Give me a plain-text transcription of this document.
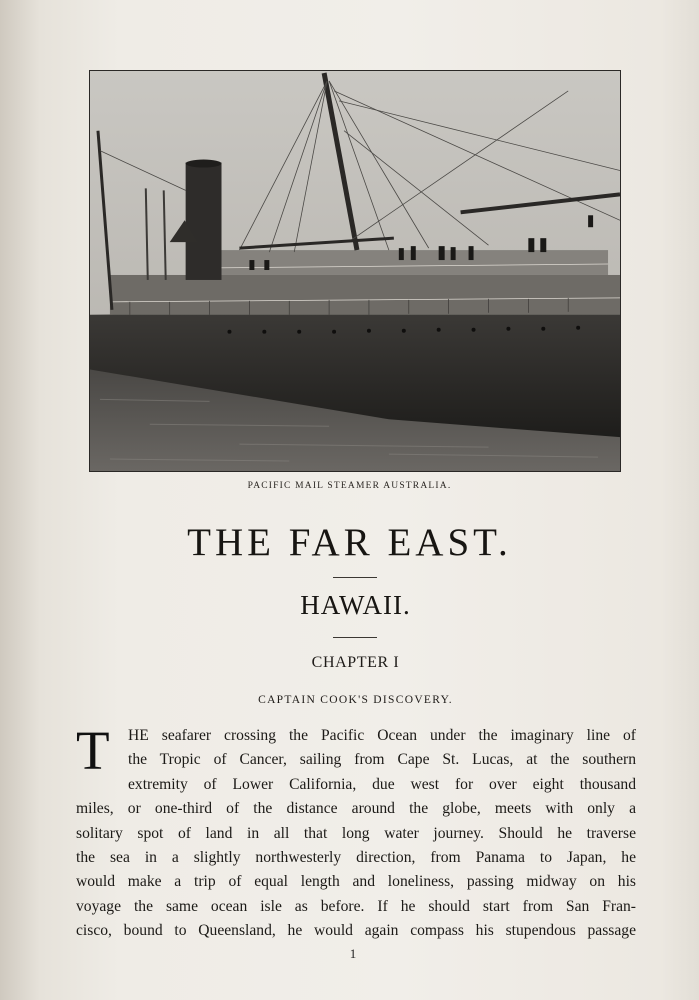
PACIFIC MAIL STEAMER AUSTRALIA.
THE FAR EAST.
HAWAII.
CHAPTER I
CAPTAIN COOK'S DISCOVERY.
T	HE seafarer crossing the Pacific Ocean under the imaginary line of
the Tropic of Cancer, sailing from Cape St. Lucas, at the southern
extremity of Lower California, due west for over eight thousand
miles, or one-third of the distance around the globe, meets with only a
solitary spot of land in all that long water journey. Should he traverse
the sea in a slightly northwesterly direction, from Panama to Japan, he
would make a trip of equal length and loneliness, passing midway on his
voyage the same ocean isle as before. If he should start from San Fran-
cisco, bound to Queensland, he would again compass his stupendous passage
1
